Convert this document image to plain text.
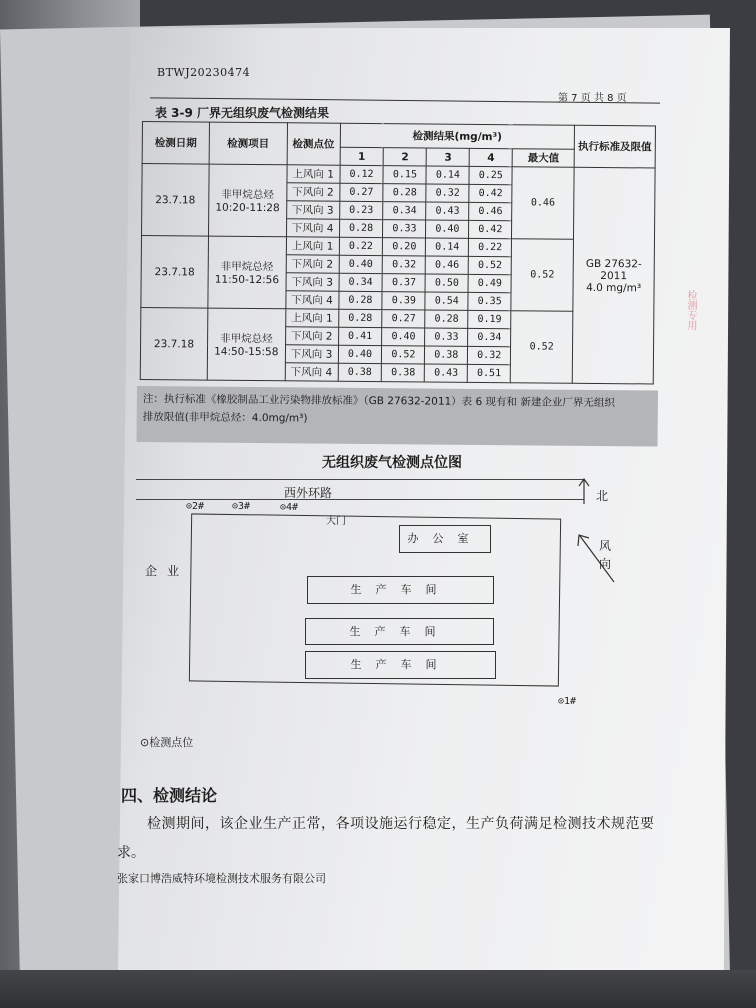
BTWJ20230474
第 7 页 共 8 页
表 3-9 厂界无组织废气检测结果
检测日期	检测项目	检测点位	检测结果(mg/m³)					执行标准及限值
			1	2	3	4	最大值	
23.7.18	非甲烷总烃
10:20-11:28	上风向 1	0.12	0.15	0.14	0.25	0.46	GB 27632-
2011
4.0 mg/m³
		下风向 2	0.27	0.28	0.32	0.42		
		下风向 3	0.23	0.34	0.43	0.46		
		下风向 4	0.28	0.33	0.40	0.42		
23.7.18	非甲烷总烃
11:50-12:56	上风向 1	0.22	0.20	0.14	0.22	0.52	
		下风向 2	0.40	0.32	0.46	0.52		
		下风向 3	0.34	0.37	0.50	0.49		
		下风向 4	0.28	0.39	0.54	0.35		
23.7.18	非甲烷总烃
14:50-15:58	上风向 1	0.28	0.27	0.28	0.19	0.52	
		下风向 2	0.41	0.40	0.33	0.34		
		下风向 3	0.40	0.52	0.38	0.32		
		下风向 4	0.38	0.38	0.43	0.51		
注：执行标准《橡胶制品工业污染物排放标准》（GB 27632-2011）表 6 现有和 新建企业厂界无组织
排放限值(非甲烷总烃：4.0mg/m³)
无组织废气检测点位图
西外环路	北
风
向
⊙2#	⊙3#	⊙4#
大门
企业
办公室
生产车间
生产车间
生产车间
⊙1#
⊙检测点位
四、检测结论
检测期间，该企业生产正常，各项设施运行稳定，生产负荷满足检测技术规范要
求。
张家口博浩威特环境检测技术服务有限公司
检测专用
